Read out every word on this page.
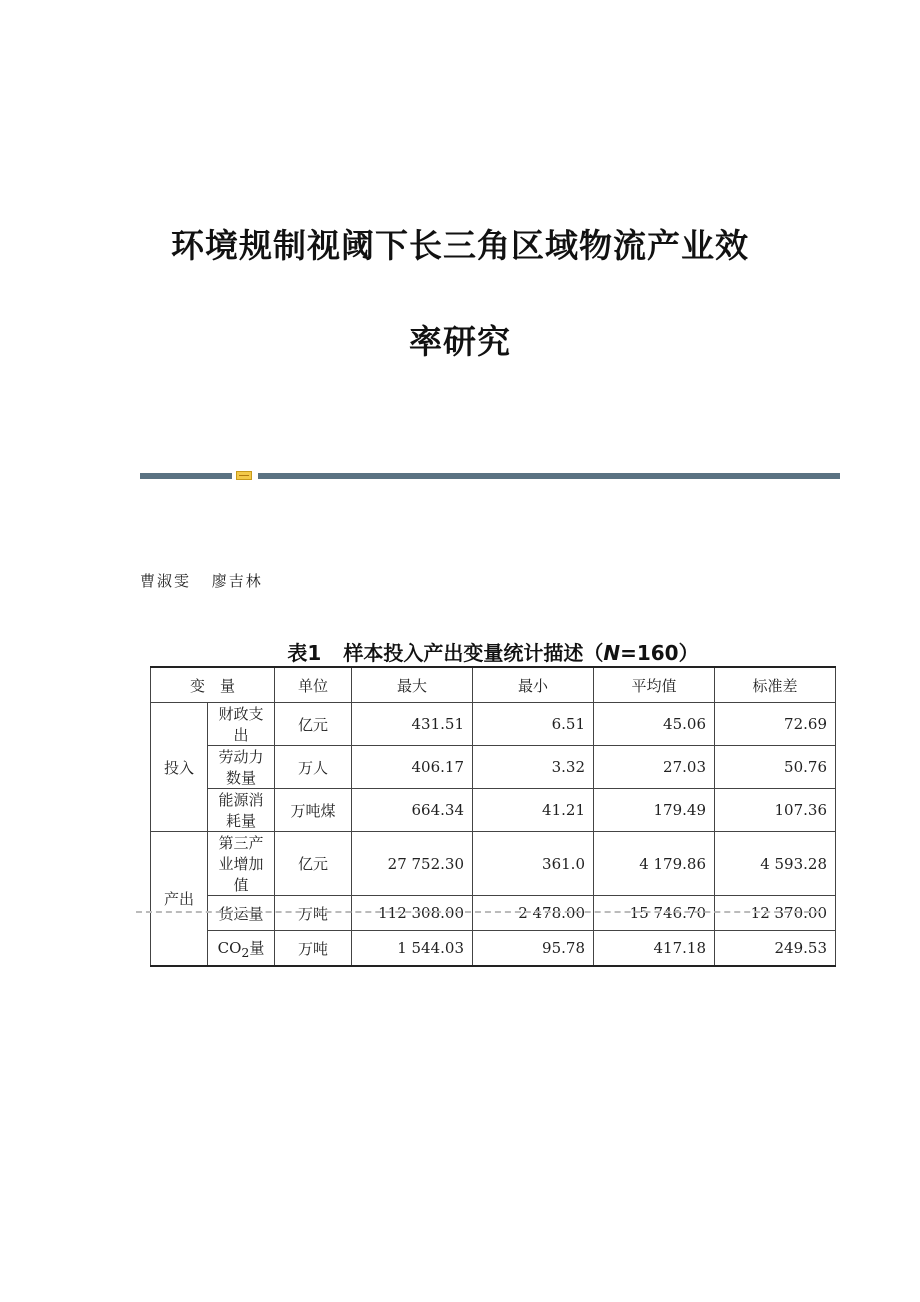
环境规制视阈下长三角区域物流产业效
率研究
曹淑雯 廖吉林
表1 样本投入产出变量统计描述（N=160）
变　量		单位	最大	最小	平均值	标准差
投入	财政支出	亿元	431.51	6.51	45.06	72.69
	劳动力数量	万人	406.17	3.32	27.03	50.76
	能源消耗量	万吨煤	664.34	41.21	179.49	107.36
产出	第三产业增加值	亿元	27 752.30	361.0	4 179.86	4 593.28
	货运量	万吨	112 308.00	2 478.00	15 746.70	12 370.00
	$CO_2$量	万吨	1 544.03	95.78	417.18	249.53
